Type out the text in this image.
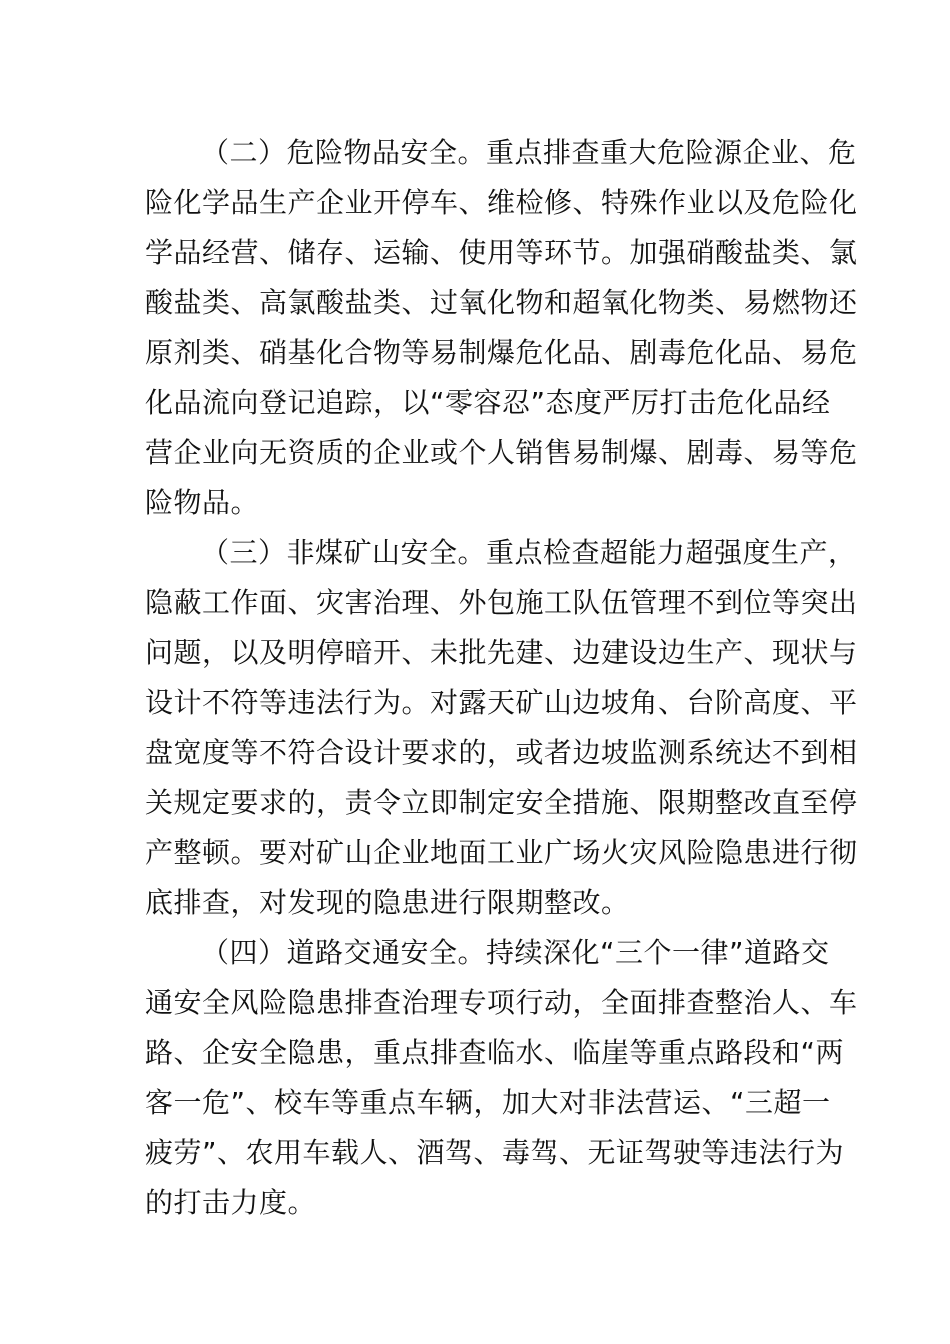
（二）危险物品安全。重点排查重大危险源企业、危
险化学品生产企业开停车、维检修、特殊作业以及危险化
学品经营、储存、运输、使用等环节。加强硝酸盐类、氯
酸盐类、高氯酸盐类、过氧化物和超氧化物类、易燃物还
原剂类、硝基化合物等易制爆危化品、剧毒危化品、易危
化品流向登记追踪，以“零容忍”态度严厉打击危化品经
营企业向无资质的企业或个人销售易制爆、剧毒、易等危
险物品。
（三）非煤矿山安全。重点检查超能力超强度生产，
隐蔽工作面、灾害治理、外包施工队伍管理不到位等突出
问题，以及明停暗开、未批先建、边建设边生产、现状与
设计不符等违法行为。对露天矿山边坡角、台阶高度、平
盘宽度等不符合设计要求的，或者边坡监测系统达不到相
关规定要求的，责令立即制定安全措施、限期整改直至停
产整顿。要对矿山企业地面工业广场火灾风险隐患进行彻
底排查，对发现的隐患进行限期整改。
（四）道路交通安全。持续深化“三个一律”道路交
通安全风险隐患排查治理专项行动，全面排查整治人、车
路、企安全隐患，重点排查临水、临崖等重点路段和“两
客一危”、校车等重点车辆，加大对非法营运、“三超一
疲劳”、农用车载人、酒驾、毒驾、无证驾驶等违法行为
的打击力度。
